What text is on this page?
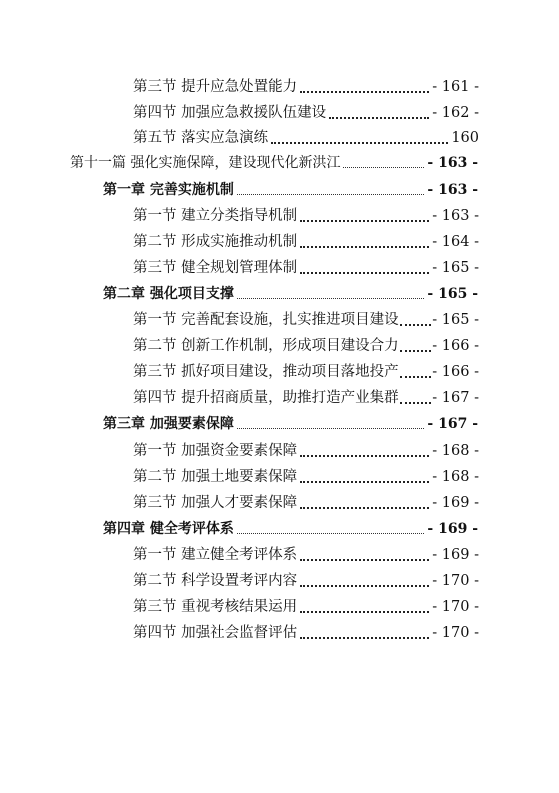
第三节 提升应急处置能力	- 161 -
第四节 加强应急救援队伍建设	- 162 -
第五节 落实应急演练	160
第十一篇 强化实施保障，建设现代化新洪江	- 163 -
第一章 完善实施机制	- 163 -
第一节 建立分类指导机制	- 163 -
第二节 形成实施推动机制	- 164 -
第三节 健全规划管理体制	- 165 -
第二章 强化项目支撑	- 165 -
第一节 完善配套设施，扎实推进项目建设 - 165 -
第二节 创新工作机制，形成项目建设合力 - 166 -
第三节 抓好项目建设，推动项目落地投产 - 166 -
第四节 提升招商质量，助推打造产业集群 - 167 -
第三章 加强要素保障	- 167 -
第一节 加强资金要素保障	- 168 -
第二节 加强土地要素保障	- 168 -
第三节 加强人才要素保障	- 169 -
第四章 健全考评体系	- 169 -
第一节 建立健全考评体系	- 169 -
第二节 科学设置考评内容	- 170 -
第三节 重视考核结果运用	- 170 -
第四节 加强社会监督评估	- 170 -
